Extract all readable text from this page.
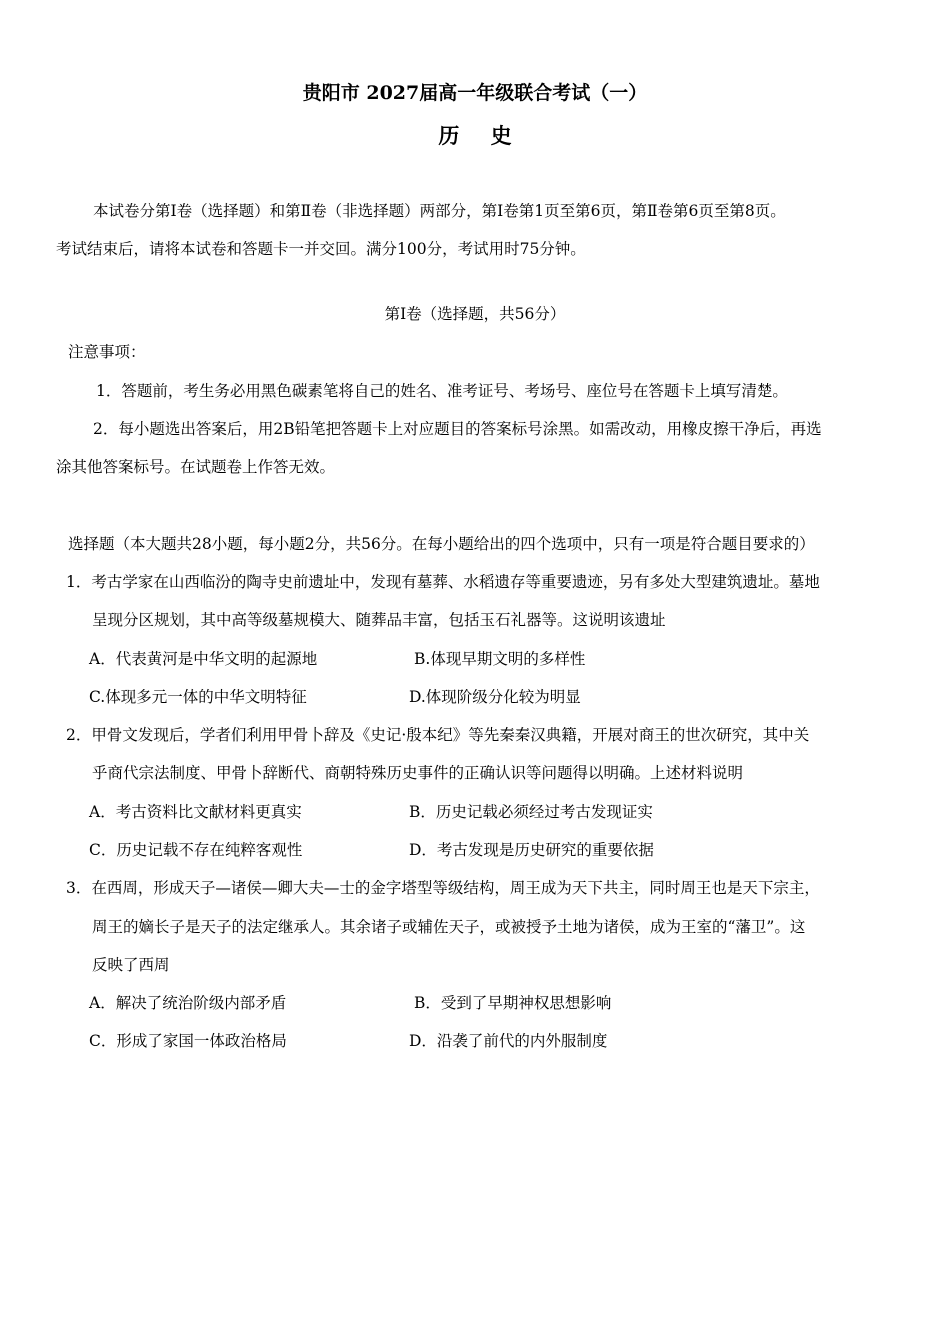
贵阳市 2027届高一年级联合考试（一）
历 史
本试卷分第Ⅰ卷（选择题）和第Ⅱ卷（非选择题）两部分，第Ⅰ卷第1页至第6页，第Ⅱ卷第6页至第8页。
考试结束后，请将本试卷和答题卡一并交回。满分100分，考试用时75分钟。
第Ⅰ卷（选择题，共56分）
注意事项：
1．答题前，考生务必用黑色碳素笔将自己的姓名、准考证号、考场号、座位号在答题卡上填写清楚。
2．每小题选出答案后，用2B铅笔把答题卡上对应题目的答案标号涂黑。如需改动，用橡皮擦干净后，再选
涂其他答案标号。在试题卷上作答无效。
选择题（本大题共28小题，每小题2分，共56分。在每小题给出的四个选项中，只有一项是符合题目要求的）
1．考古学家在山西临汾的陶寺史前遗址中，发现有墓葬、水稻遗存等重要遗迹，另有多处大型建筑遗址。墓地
呈现分区规划，其中高等级墓规模大、随葬品丰富，包括玉石礼器等。这说明该遗址
A．代表黄河是中华文明的起源地	B.体现早期文明的多样性
C.体现多元一体的中华文明特征	D.体现阶级分化较为明显
2．甲骨文发现后，学者们利用甲骨卜辞及《史记·殷本纪》等先秦秦汉典籍，开展对商王的世次研究，其中关
乎商代宗法制度、甲骨卜辞断代、商朝特殊历史事件的正确认识等问题得以明确。上述材料说明
A．考古资料比文献材料更真实	B．历史记载必须经过考古发现证实
C．历史记载不存在纯粹客观性	D．考古发现是历史研究的重要依据
3．在西周，形成天子—诸侯—卿大夫—士的金字塔型等级结构，周王成为天下共主，同时周王也是天下宗主，
周王的嫡长子是天子的法定继承人。其余诸子或辅佐天子，或被授予土地为诸侯，成为王室的“藩卫”。这
反映了西周
A．解决了统治阶级内部矛盾	B．受到了早期神权思想影响
C．形成了家国一体政治格局	D．沿袭了前代的内外服制度
